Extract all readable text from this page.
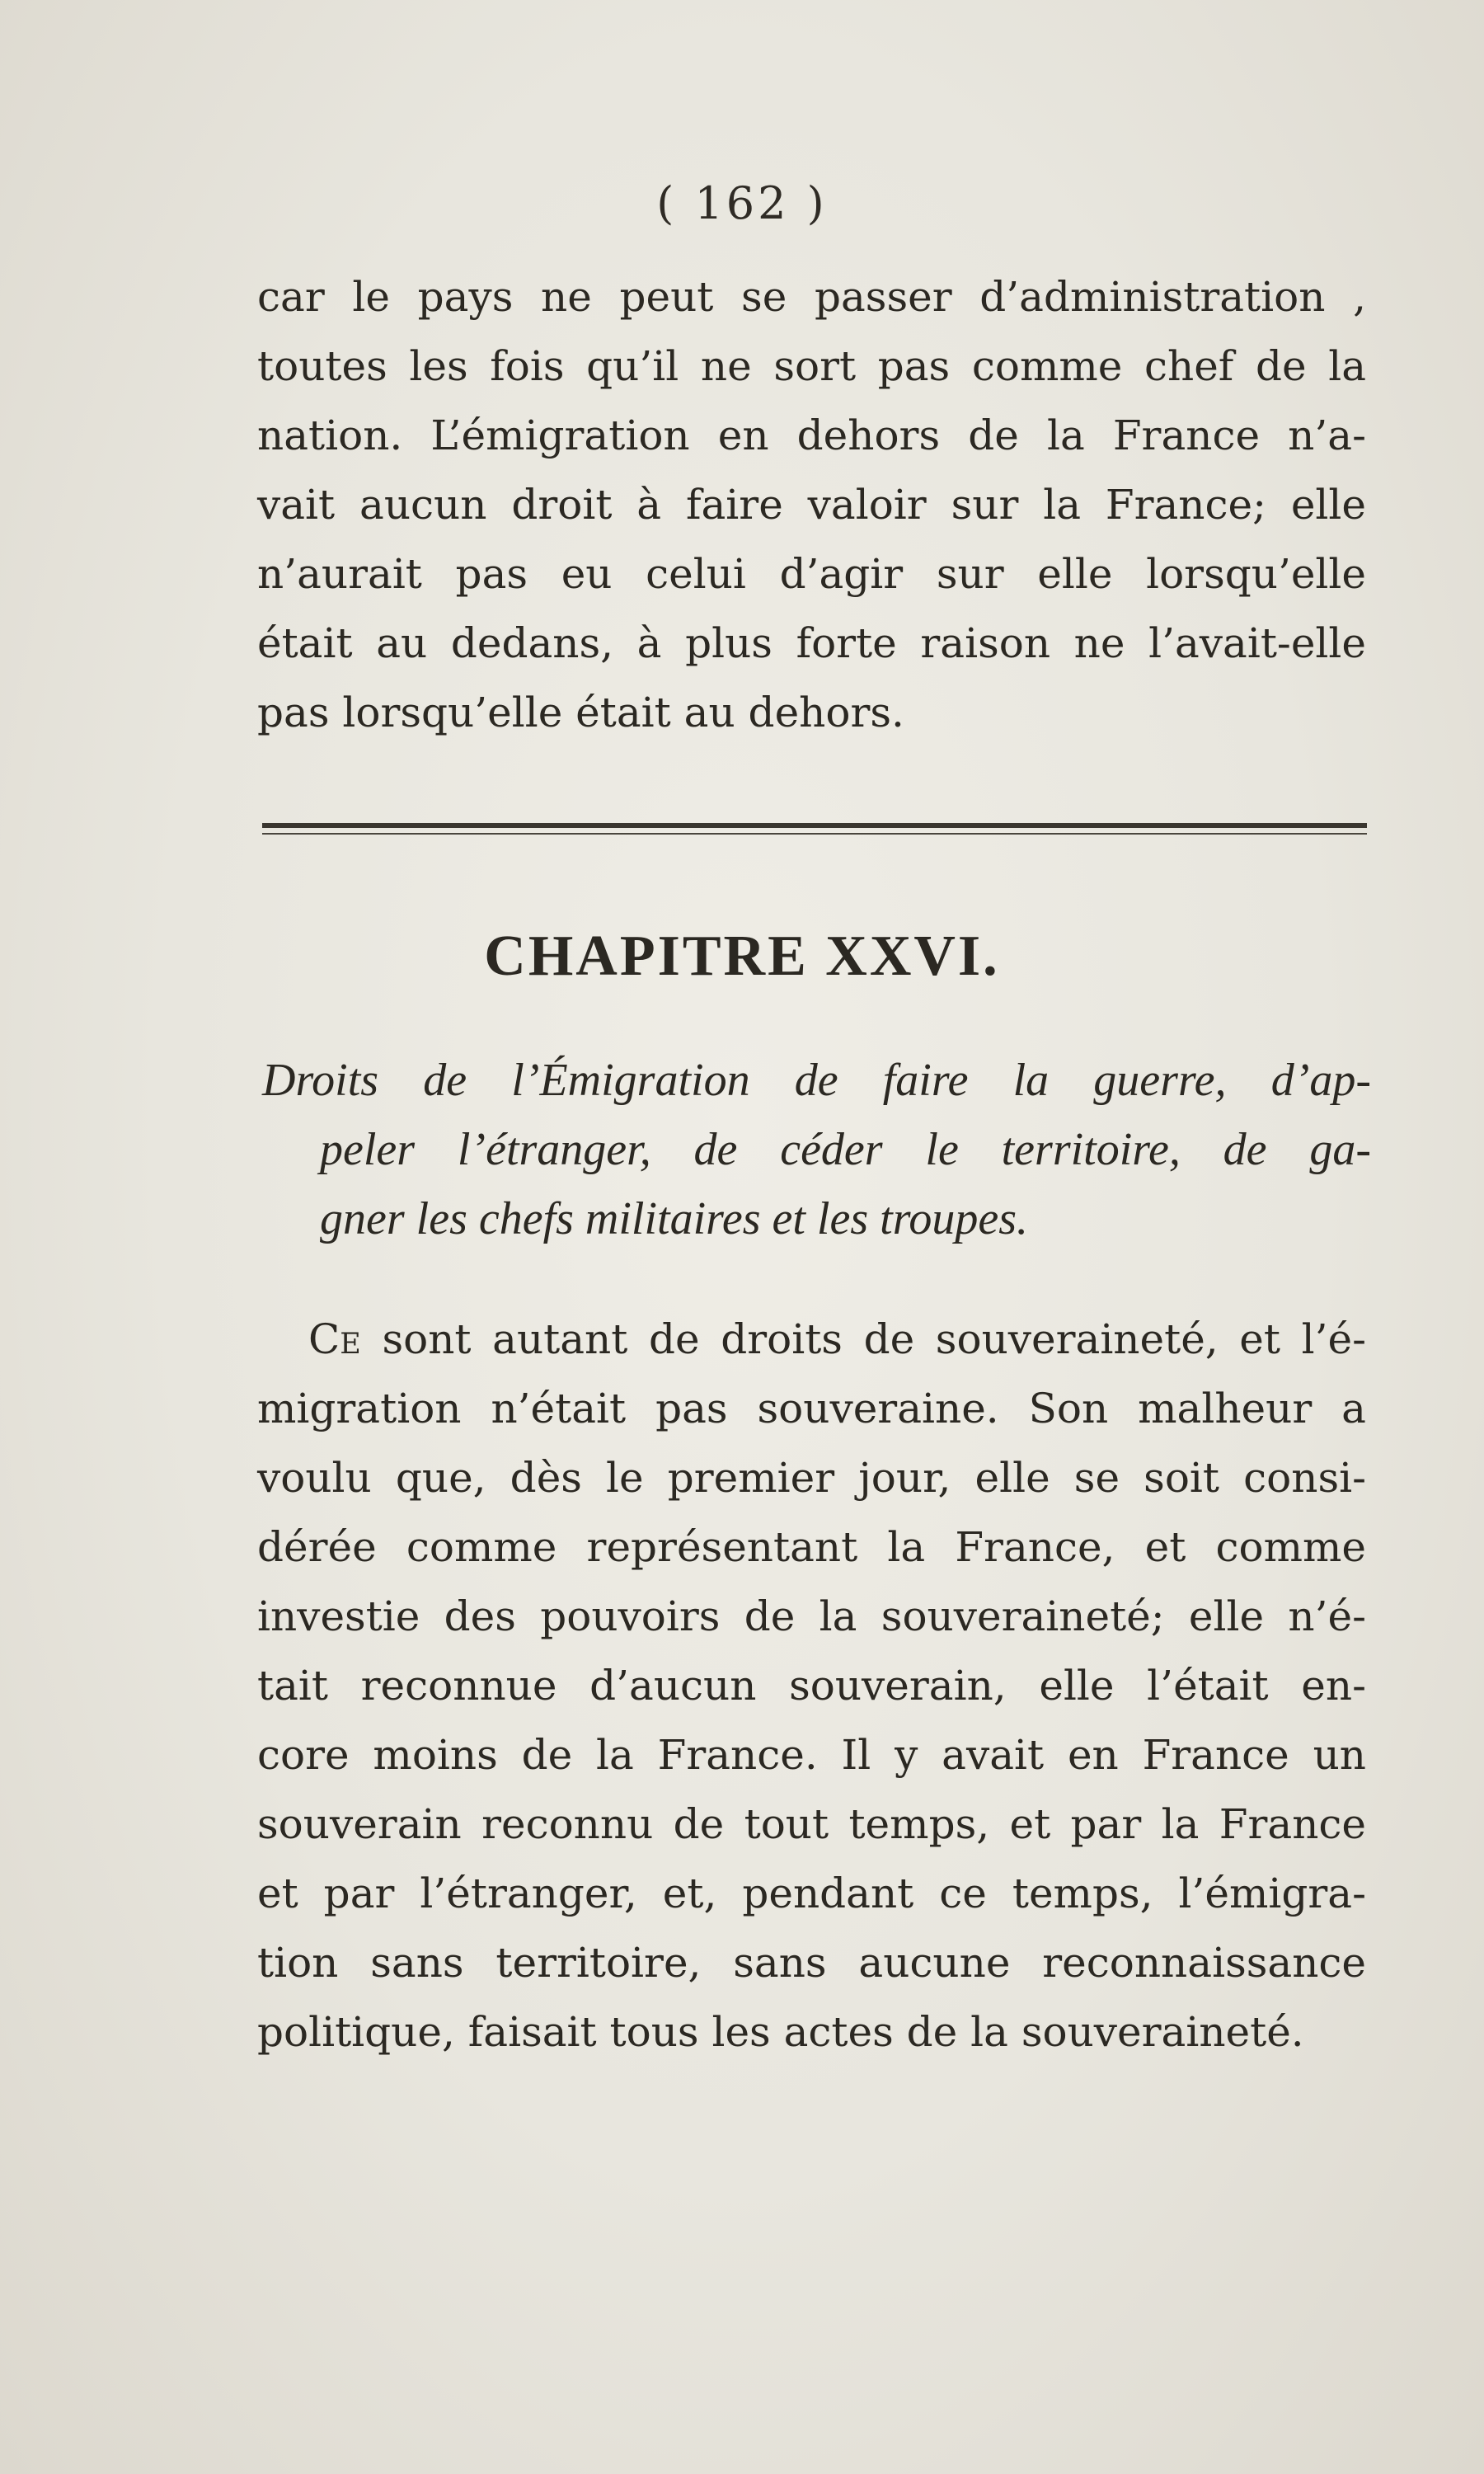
( 162 )
car le pays ne peut se passer d’administration ,
toutes les fois qu’il ne sort pas comme chef de la
nation. L’émigration en dehors de la France n’a-
vait aucun droit à faire valoir sur la France; elle
n’aurait pas eu celui d’agir sur elle lorsqu’elle
était au dedans, à plus forte raison ne l’avait-elle
pas lorsqu’elle était au dehors.
CHAPITRE XXVI.
Droits de l’Émigration de faire la guerre, d’ap-
peler l’étranger, de céder le territoire, de ga-
gner les chefs militaires et les troupes.
Ce sont autant de droits de souveraineté, et l’é-
migration n’était pas souveraine. Son malheur a
voulu que, dès le premier jour, elle se soit consi-
dérée comme représentant la France, et comme
investie des pouvoirs de la souveraineté; elle n’é-
tait reconnue d’aucun souverain, elle l’était en-
core moins de la France. Il y avait en France un
souverain reconnu de tout temps, et par la France
et par l’étranger, et, pendant ce temps, l’émigra-
tion sans territoire, sans aucune reconnaissance
politique, faisait tous les actes de la souveraineté.
